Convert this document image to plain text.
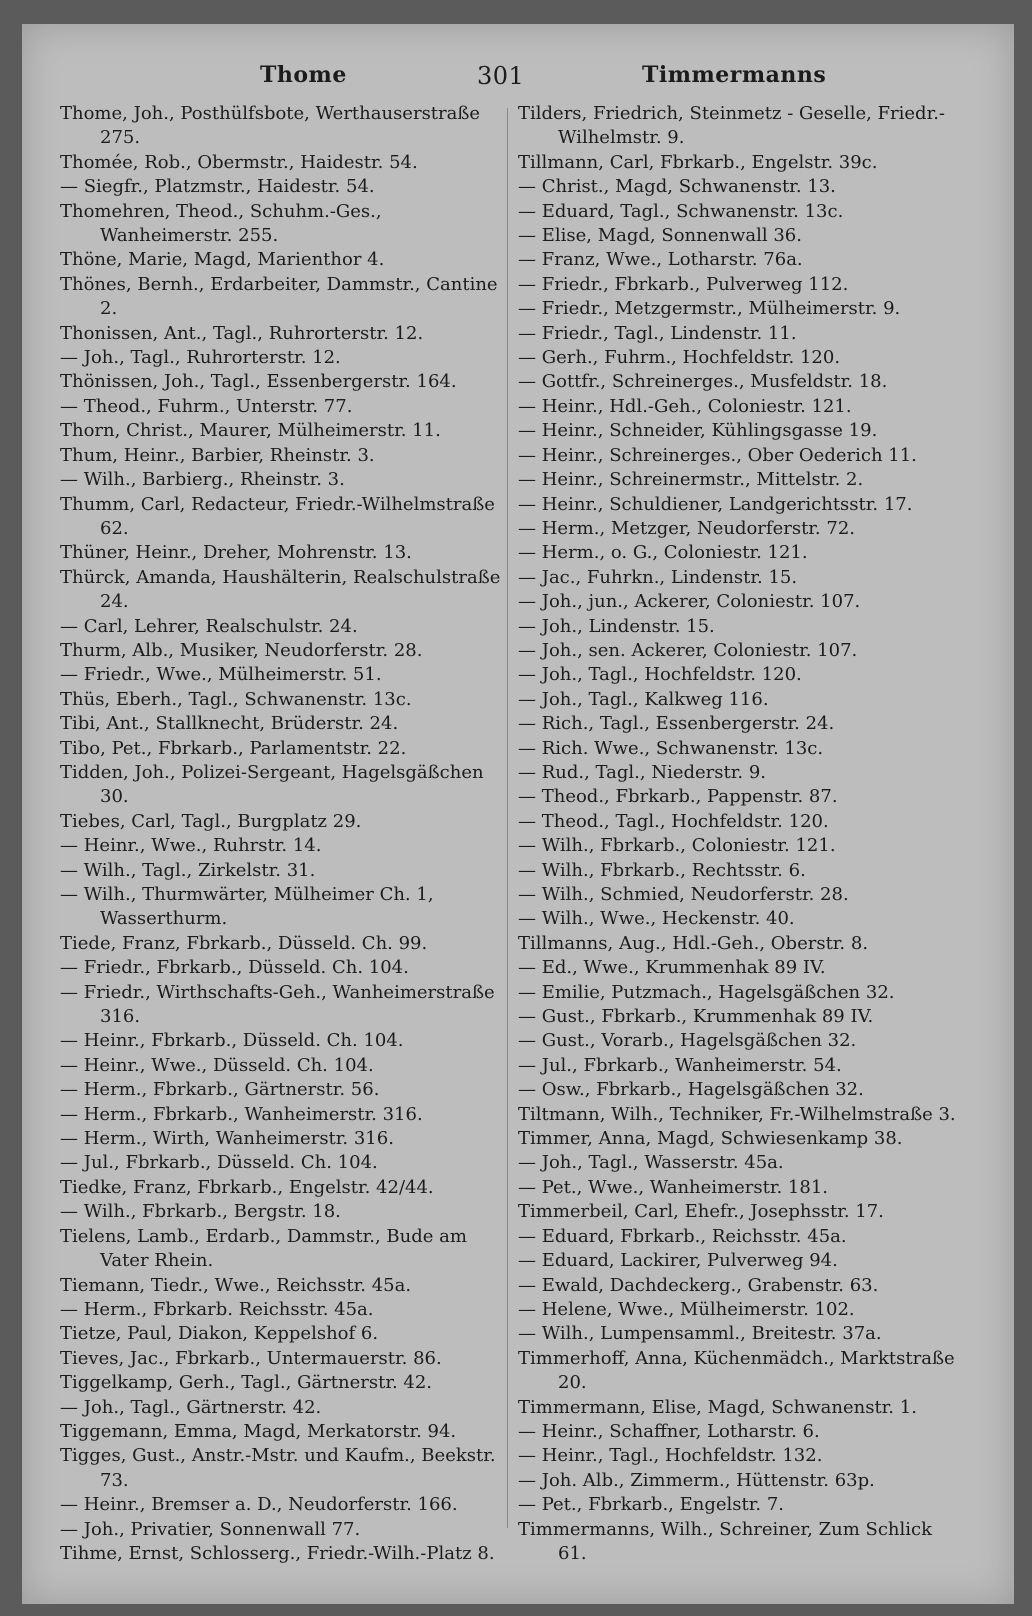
Thome	301	Timmermanns
Thome, Joh., Posthülfsbote, Werthauserstraße 275.
Thomée, Rob., Obermstr., Haidestr. 54.
— Siegfr., Platzmstr., Haidestr. 54.
Thomehren, Theod., Schuhm.-Ges., Wanheimerstr. 255.
Thöne, Marie, Magd, Marienthor 4.
Thönes, Bernh., Erdarbeiter, Dammstr., Cantine 2.
Thonissen, Ant., Tagl., Ruhrorterstr. 12.
— Joh., Tagl., Ruhrorterstr. 12.
Thönissen, Joh., Tagl., Essenbergerstr. 164.
— Theod., Fuhrm., Unterstr. 77.
Thorn, Christ., Maurer, Mülheimerstr. 11.
Thum, Heinr., Barbier, Rheinstr. 3.
— Wilh., Barbierg., Rheinstr. 3.
Thumm, Carl, Redacteur, Friedr.-Wilhelmstraße 62.
Thüner, Heinr., Dreher, Mohrenstr. 13.
Thürck, Amanda, Haushälterin, Realschulstraße 24.
— Carl, Lehrer, Realschulstr. 24.
Thurm, Alb., Musiker, Neudorferstr. 28.
— Friedr., Wwe., Mülheimerstr. 51.
Thüs, Eberh., Tagl., Schwanenstr. 13c.
Tibi, Ant., Stallknecht, Brüderstr. 24.
Tibo, Pet., Fbrkarb., Parlamentstr. 22.
Tidden, Joh., Polizei-Sergeant, Hagelsgäßchen 30.
Tiebes, Carl, Tagl., Burgplatz 29.
— Heinr., Wwe., Ruhrstr. 14.
— Wilh., Tagl., Zirkelstr. 31.
— Wilh., Thurmwärter, Mülheimer Ch. 1, Wasserthurm.
Tiede, Franz, Fbrkarb., Düsseld. Ch. 99.
— Friedr., Fbrkarb., Düsseld. Ch. 104.
— Friedr., Wirthschafts-Geh., Wanheimerstraße 316.
— Heinr., Fbrkarb., Düsseld. Ch. 104.
— Heinr., Wwe., Düsseld. Ch. 104.
— Herm., Fbrkarb., Gärtnerstr. 56.
— Herm., Fbrkarb., Wanheimerstr. 316.
— Herm., Wirth, Wanheimerstr. 316.
— Jul., Fbrkarb., Düsseld. Ch. 104.
Tiedke, Franz, Fbrkarb., Engelstr. 42/44.
— Wilh., Fbrkarb., Bergstr. 18.
Tielens, Lamb., Erdarb., Dammstr., Bude am Vater Rhein.
Tiemann, Tiedr., Wwe., Reichsstr. 45a.
— Herm., Fbrkarb. Reichsstr. 45a.
Tietze, Paul, Diakon, Keppelshof 6.
Tieves, Jac., Fbrkarb., Untermauerstr. 86.
Tiggelkamp, Gerh., Tagl., Gärtnerstr. 42.
— Joh., Tagl., Gärtnerstr. 42.
Tiggemann, Emma, Magd, Merkatorstr. 94.
Tigges, Gust., Anstr.-Mstr. und Kaufm., Beekstr. 73.
— Heinr., Bremser a. D., Neudorferstr. 166.
— Joh., Privatier, Sonnenwall 77.
Tihme, Ernst, Schlosserg., Friedr.-Wilh.-Platz 8.
Tilders, Friedrich, Steinmetz - Geselle, Friedr.-Wilhelmstr. 9.
Tillmann, Carl, Fbrkarb., Engelstr. 39c.
— Christ., Magd, Schwanenstr. 13.
— Eduard, Tagl., Schwanenstr. 13c.
— Elise, Magd, Sonnenwall 36.
— Franz, Wwe., Lotharstr. 76a.
— Friedr., Fbrkarb., Pulverweg 112.
— Friedr., Metzgermstr., Mülheimerstr. 9.
— Friedr., Tagl., Lindenstr. 11.
— Gerh., Fuhrm., Hochfeldstr. 120.
— Gottfr., Schreinerges., Musfeldstr. 18.
— Heinr., Hdl.-Geh., Coloniestr. 121.
— Heinr., Schneider, Kühlingsgasse 19.
— Heinr., Schreinerges., Ober Oederich 11.
— Heinr., Schreinermstr., Mittelstr. 2.
— Heinr., Schuldiener, Landgerichtsstr. 17.
— Herm., Metzger, Neudorferstr. 72.
— Herm., o. G., Coloniestr. 121.
— Jac., Fuhrkn., Lindenstr. 15.
— Joh., jun., Ackerer, Coloniestr. 107.
— Joh., Lindenstr. 15.
— Joh., sen. Ackerer, Coloniestr. 107.
— Joh., Tagl., Hochfeldstr. 120.
— Joh., Tagl., Kalkweg 116.
— Rich., Tagl., Essenbergerstr. 24.
— Rich. Wwe., Schwanenstr. 13c.
— Rud., Tagl., Niederstr. 9.
— Theod., Fbrkarb., Pappenstr. 87.
— Theod., Tagl., Hochfeldstr. 120.
— Wilh., Fbrkarb., Coloniestr. 121.
— Wilh., Fbrkarb., Rechtsstr. 6.
— Wilh., Schmied, Neudorferstr. 28.
— Wilh., Wwe., Heckenstr. 40.
Tillmanns, Aug., Hdl.-Geh., Oberstr. 8.
— Ed., Wwe., Krummenhak 89 IV.
— Emilie, Putzmach., Hagelsgäßchen 32.
— Gust., Fbrkarb., Krummenhak 89 IV.
— Gust., Vorarb., Hagelsgäßchen 32.
— Jul., Fbrkarb., Wanheimerstr. 54.
— Osw., Fbrkarb., Hagelsgäßchen 32.
Tiltmann, Wilh., Techniker, Fr.-Wilhelmstraße 3.
Timmer, Anna, Magd, Schwiesenkamp 38.
— Joh., Tagl., Wasserstr. 45a.
— Pet., Wwe., Wanheimerstr. 181.
Timmerbeil, Carl, Ehefr., Josephsstr. 17.
— Eduard, Fbrkarb., Reichsstr. 45a.
— Eduard, Lackirer, Pulverweg 94.
— Ewald, Dachdeckerg., Grabenstr. 63.
— Helene, Wwe., Mülheimerstr. 102.
— Wilh., Lumpensamml., Breitestr. 37a.
Timmerhoff, Anna, Küchenmädch., Marktstraße 20.
Timmermann, Elise, Magd, Schwanenstr. 1.
— Heinr., Schaffner, Lotharstr. 6.
— Heinr., Tagl., Hochfeldstr. 132.
— Joh. Alb., Zimmerm., Hüttenstr. 63p.
— Pet., Fbrkarb., Engelstr. 7.
Timmermanns, Wilh., Schreiner, Zum Schlick 61.
